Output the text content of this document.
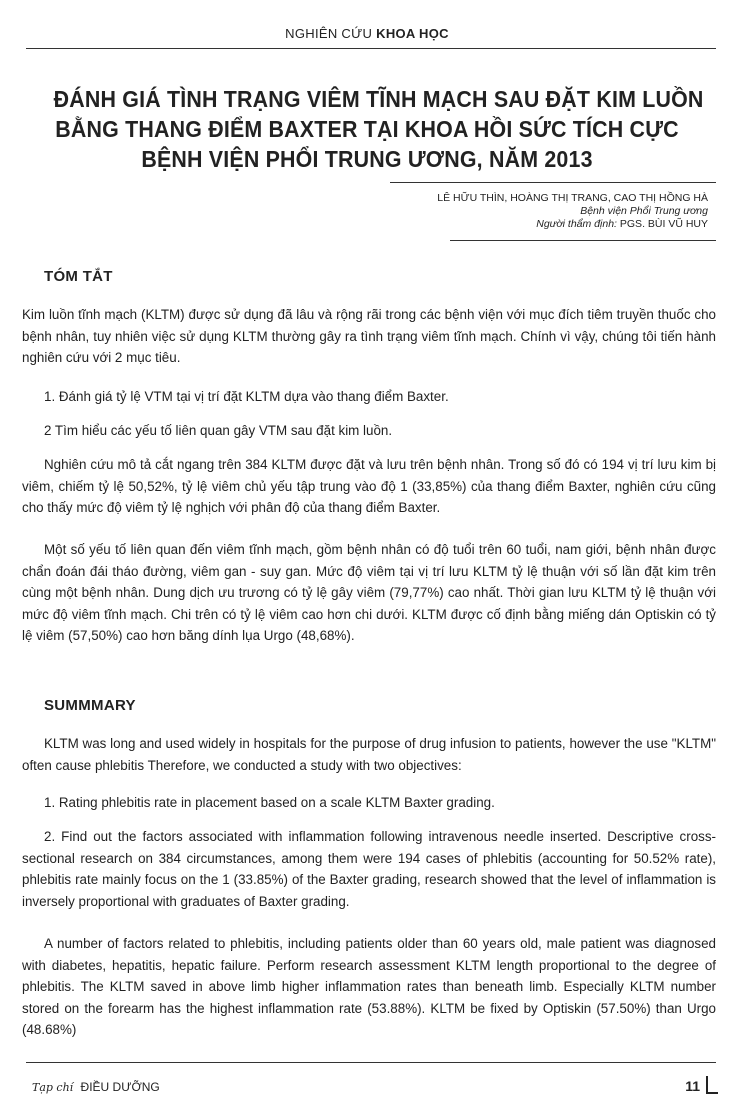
NGHIÊN CỨU KHOA HỌC
ĐÁNH GIÁ TÌNH TRẠNG VIÊM TĨNH MẠCH SAU ĐẶT KIM LUỒN
BẰNG THANG ĐIỂM BAXTER TẠI KHOA HỒI SỨC TÍCH CỰC
BỆNH VIỆN PHỔI TRUNG ƯƠNG, NĂM 2013
LÊ HỮU THÌN, HOÀNG THỊ TRANG, CAO THỊ HỒNG HÀ
Bệnh viện Phổi Trung ương
Người thẩm định: PGS. BÙI VŨ HUY
TÓM TẮT
Kim luồn tĩnh mạch (KLTM) được sử dụng đã lâu và rộng rãi trong các bệnh viện với mục đích tiêm truyền thuốc cho bệnh nhân, tuy nhiên việc sử dụng KLTM thường gây ra tình trạng viêm tĩnh mạch. Chính vì vậy, chúng tôi tiến hành nghiên cứu với 2 mục tiêu.
1. Đánh giá tỷ lệ VTM tại vị trí đặt KLTM dựa vào thang điểm Baxter.
2 Tìm hiểu các yếu tố liên quan gây VTM sau đặt kim luồn.
Nghiên cứu mô tả cắt ngang trên 384 KLTM được đặt và lưu trên bệnh nhân. Trong số đó có 194 vị trí lưu kim bị viêm, chiếm tỷ lệ 50,52%, tỷ lệ viêm chủ yếu tập trung vào độ 1 (33,85%) của thang điểm Baxter, nghiên cứu cũng cho thấy mức độ viêm tỷ lệ nghịch với phân độ của thang điểm Baxter.
Một số yếu tố liên quan đến viêm tĩnh mạch, gồm bệnh nhân có độ tuổi trên 60 tuổi, nam giới, bệnh nhân được chẩn đoán đái tháo đường, viêm gan - suy gan. Mức độ viêm tại vị trí lưu KLTM tỷ lệ thuận với số lần đặt kim trên cùng một bệnh nhân. Dung dịch ưu trương có tỷ lệ gây viêm (79,77%) cao nhất. Thời gian lưu KLTM tỷ lệ thuận với mức độ viêm tĩnh mạch. Chi trên có tỷ lệ viêm cao hơn chi dưới. KLTM được cố định bằng miếng dán Optiskin có tỷ lệ viêm (57,50%) cao hơn băng dính lụa Urgo (48,68%).
SUMMMARY
KLTM was long and used widely in hospitals for the purpose of drug infusion to patients, however the use "KLTM" often cause phlebitis Therefore, we conducted a study with two objectives:
1. Rating phlebitis rate in placement based on a scale KLTM Baxter grading.
2. Find out the factors associated with inflammation following intravenous needle inserted. Descriptive cross-sectional research on 384 circumstances, among them were 194 cases of phlebitis (accounting for 50.52% rate), phlebitis rate mainly focus on the 1 (33.85%) of the Baxter grading, research showed that the level of inflammation is inversely proportional with graduates of Baxter grading.
A number of factors related to phlebitis, including patients older than 60 years old, male patient was diagnosed with diabetes, hepatitis, hepatic failure. Perform research assessment KLTM length proportional to the degree of phlebitis. The KLTM saved in above limb higher inflammation rates than beneath limb. Especially KLTM number stored on the forearm has the highest inflammation rate (53.88%). KLTM be fixed by Optiskin (57.50%) than Urgo (48.68%)
Tạp chí ĐIỀU DƯỠNG	11
